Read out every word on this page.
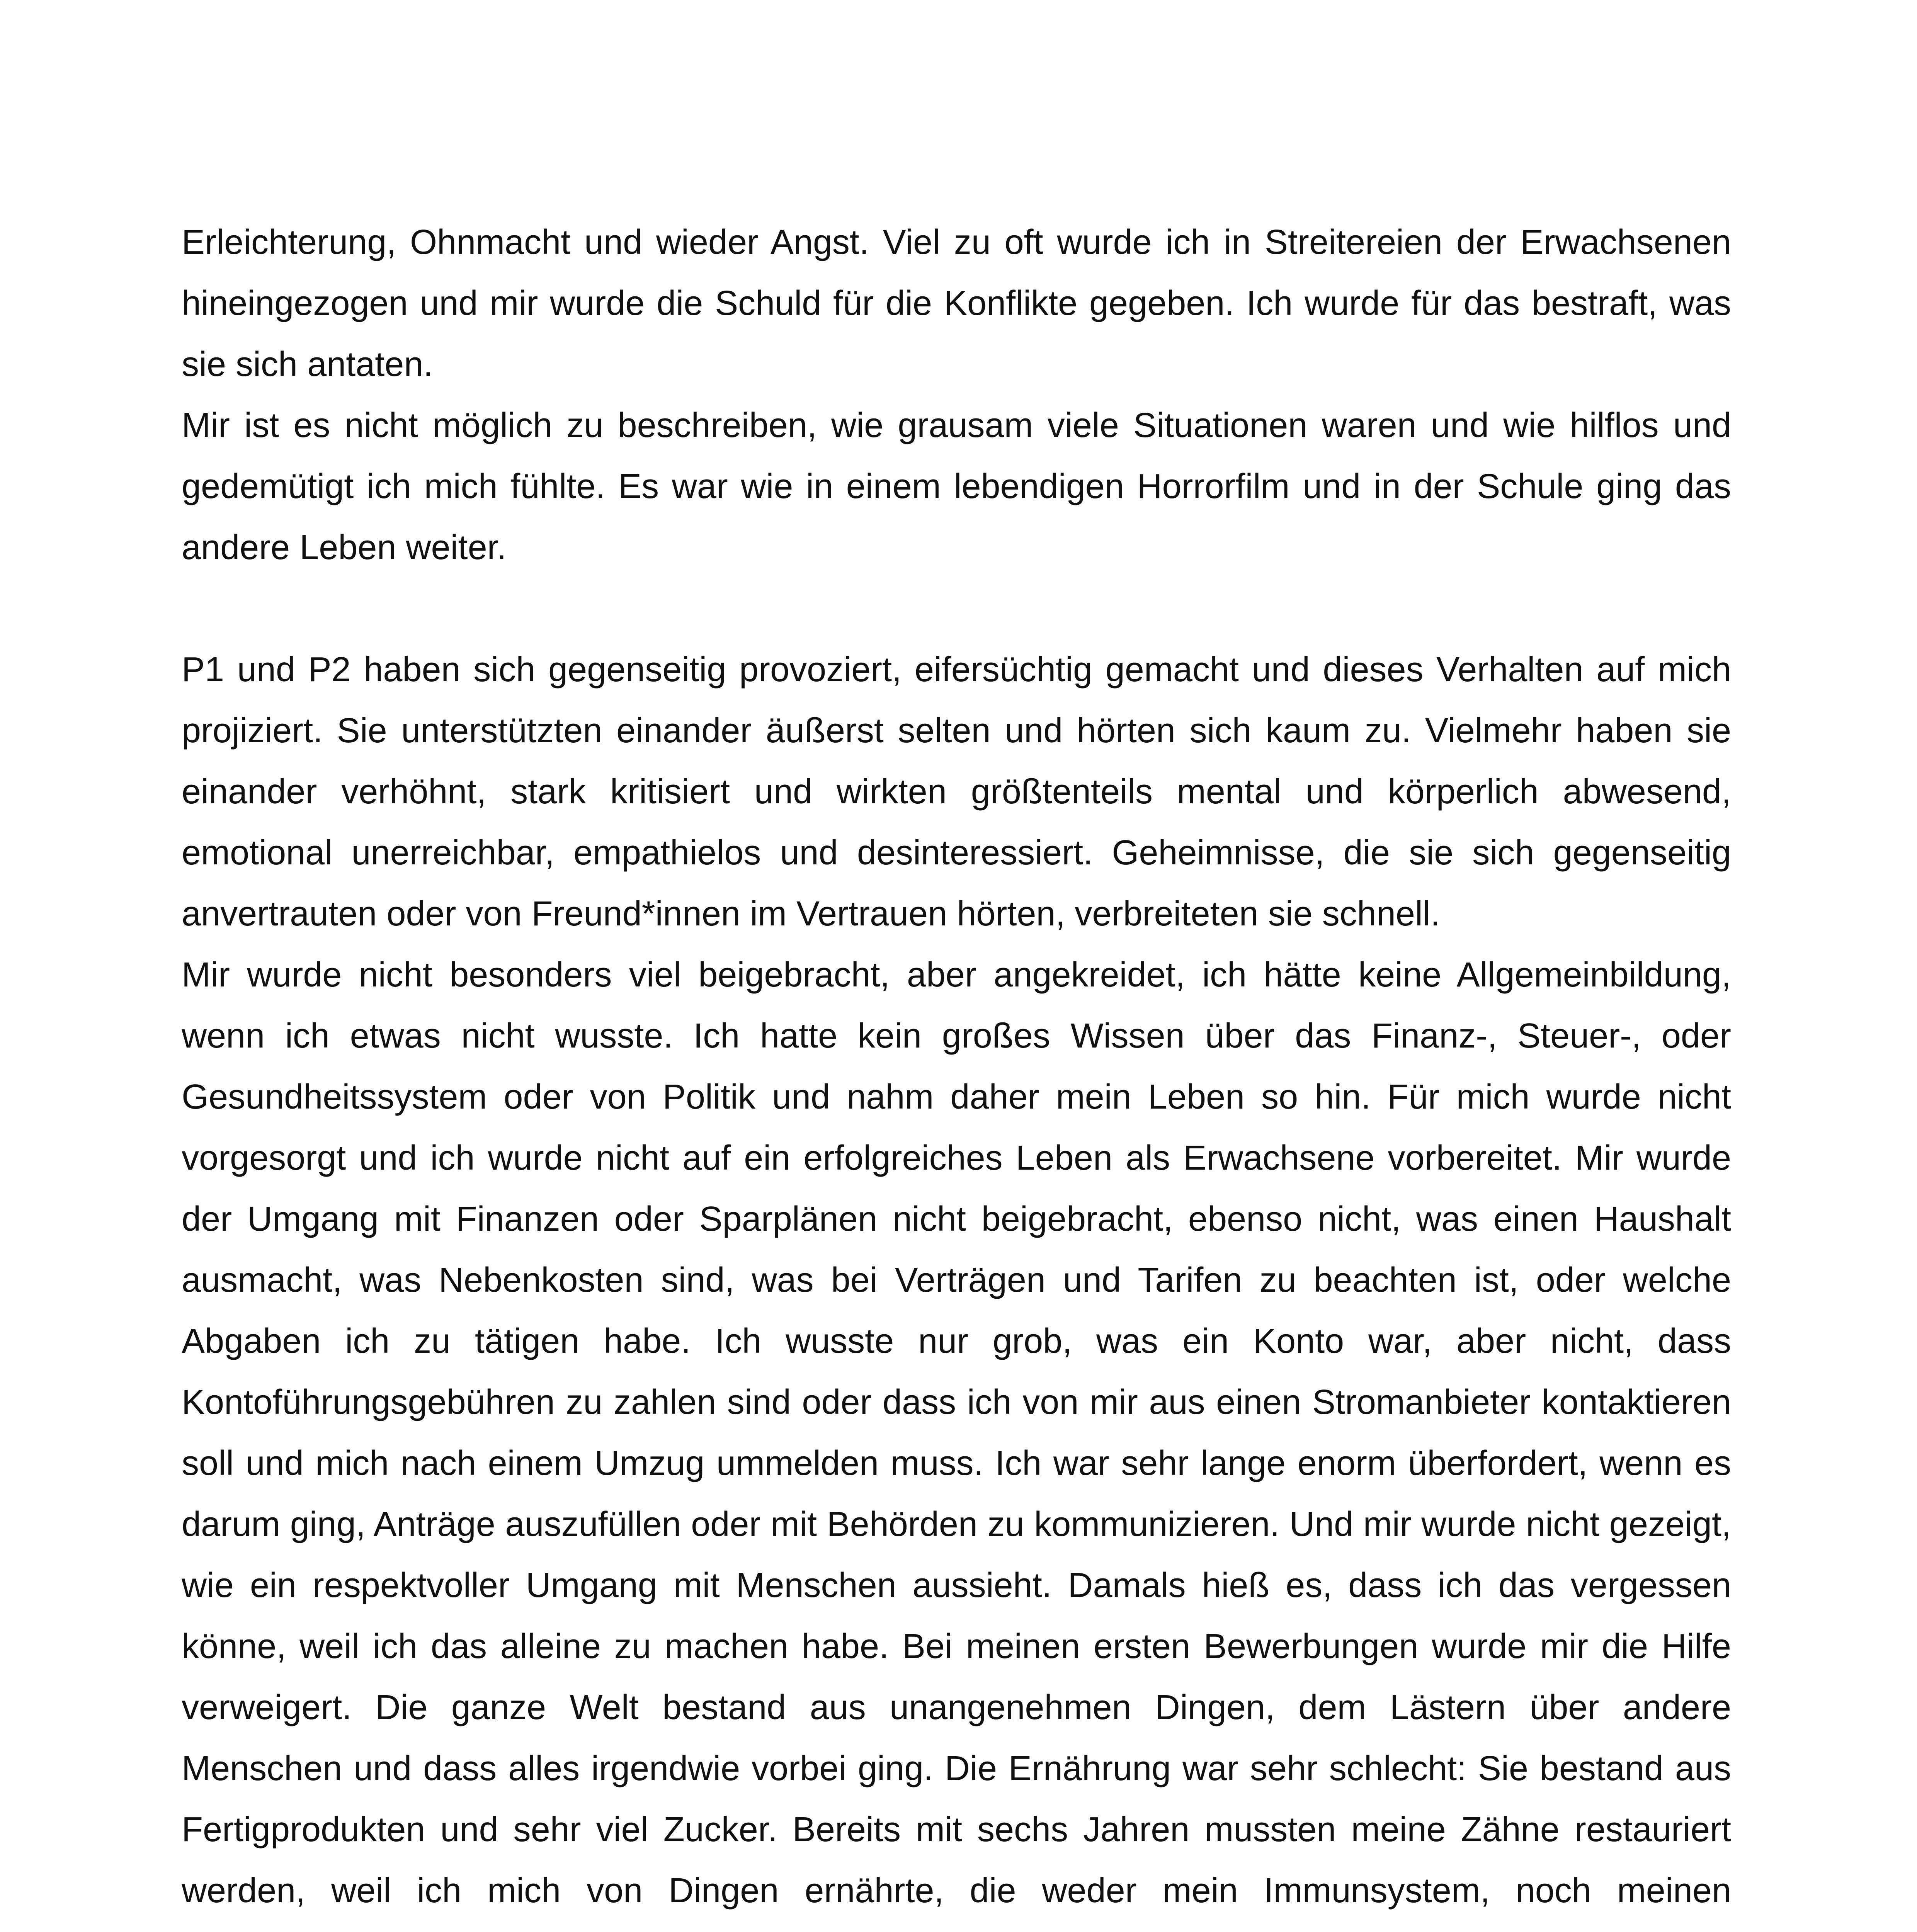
Erleichterung, Ohnmacht und wieder Angst. Viel zu oft wurde ich in Streitereien der Erwachsenen hineingezogen und mir wurde die Schuld für die Konflikte gegeben. Ich wurde für das bestraft, was sie sich antaten.

Mir ist es nicht möglich zu beschreiben, wie grausam viele Situationen waren und wie hilflos und gedemütigt ich mich fühlte. Es war wie in einem lebendigen Horrorfilm und in der Schule ging das andere Leben weiter.

P1 und P2 haben sich gegenseitig provoziert, eifersüchtig gemacht und dieses Verhalten auf mich projiziert. Sie unterstützten einander äußerst selten und hörten sich kaum zu. Vielmehr haben sie einander verhöhnt, stark kritisiert und wirkten größtenteils mental und körperlich abwesend, emotional unerreichbar, empathielos und desinteressiert. Geheimnisse, die sie sich gegenseitig anvertrauten oder von Freund*innen im Vertrauen hörten, verbreiteten sie schnell.

Mir wurde nicht besonders viel beigebracht, aber angekreidet, ich hätte keine Allgemeinbildung, wenn ich etwas nicht wusste. Ich hatte kein großes Wissen über das Finanz-, Steuer-, oder Gesundheitssystem oder von Politik und nahm daher mein Leben so hin. Für mich wurde nicht vorgesorgt und ich wurde nicht auf ein erfolgreiches Leben als Erwachsene vorbereitet. Mir wurde der Umgang mit Finanzen oder Sparplänen nicht beigebracht, ebenso nicht, was einen Haushalt ausmacht, was Nebenkosten sind, was bei Verträgen und Tarifen zu beachten ist, oder welche Abgaben ich zu tätigen habe. Ich wusste nur grob, was ein Konto war, aber nicht, dass Kontoführungsgebühren zu zahlen sind oder dass ich von mir aus einen Stromanbieter kontaktieren soll und mich nach einem Umzug ummelden muss. Ich war sehr lange enorm überfordert, wenn es darum ging, Anträge auszufüllen oder mit Behörden zu kommunizieren. Und mir wurde nicht gezeigt, wie ein respektvoller Umgang mit Menschen aussieht. Damals hieß es, dass ich das vergessen könne, weil ich das alleine zu machen habe. Bei meinen ersten Bewerbungen wurde mir die Hilfe verweigert. Die ganze Welt bestand aus unangenehmen Dingen, dem Lästern über andere Menschen und dass alles irgendwie vorbei ging. Die Ernährung war sehr schlecht: Sie bestand aus Fertigprodukten und sehr viel Zucker. Bereits mit sechs Jahren mussten meine Zähne restauriert werden, weil ich mich von Dingen ernährte, die weder mein Immunsystem, noch meinen
